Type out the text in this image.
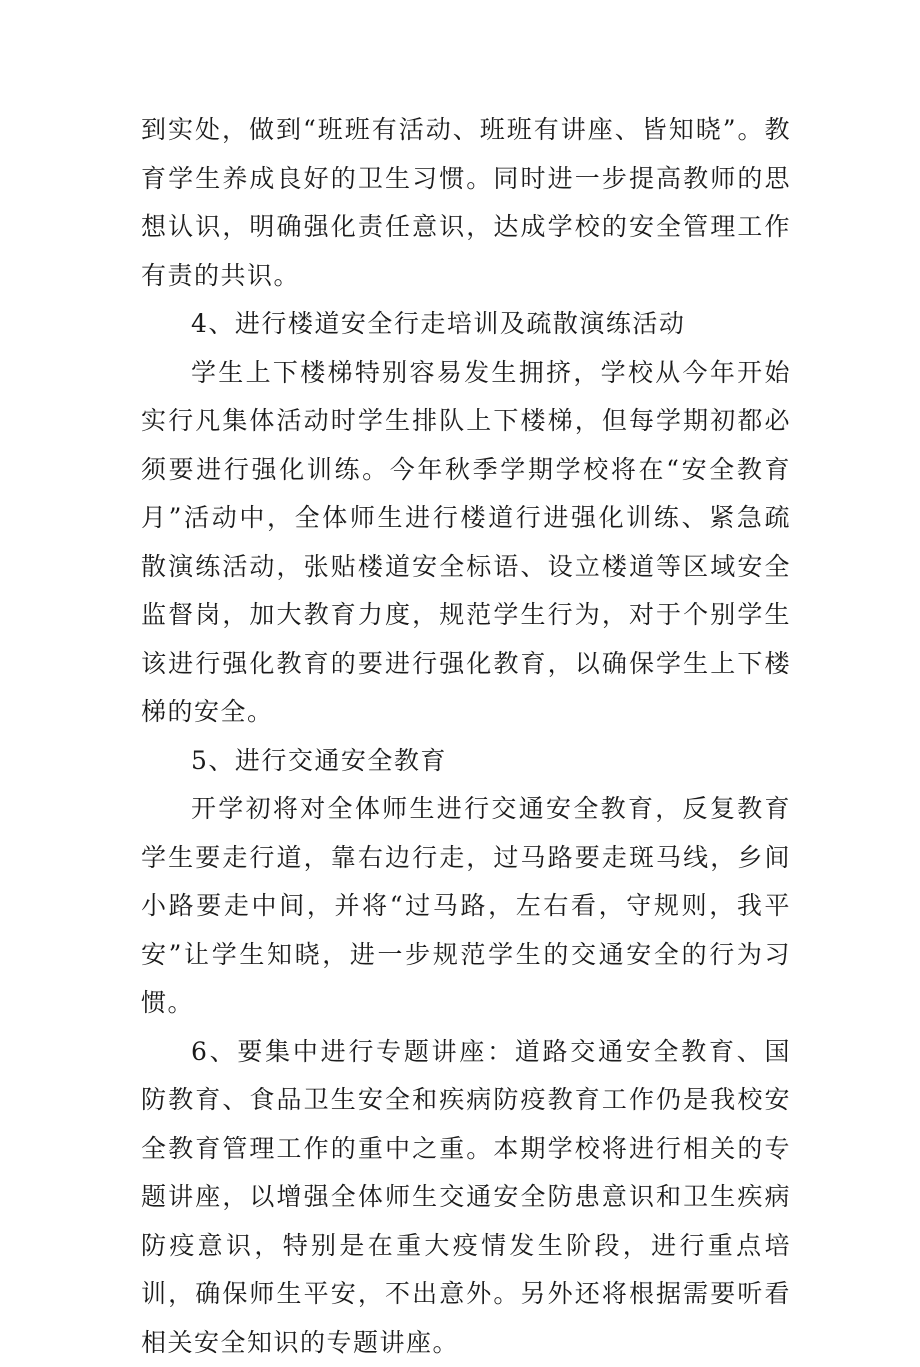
到实处，做到“班班有活动、班班有讲座、皆知晓”。教育学生养成良好的卫生习惯。同时进一步提高教师的思想认识，明确强化责任意识，达成学校的安全管理工作有责的共识。

4、进行楼道安全行走培训及疏散演练活动

学生上下楼梯特别容易发生拥挤，学校从今年开始实行凡集体活动时学生排队上下楼梯，但每学期初都必须要进行强化训练。今年秋季学期学校将在“安全教育月”活动中，全体师生进行楼道行进强化训练、紧急疏散演练活动，张贴楼道安全标语、设立楼道等区域安全监督岗，加大教育力度，规范学生行为，对于个别学生该进行强化教育的要进行强化教育，以确保学生上下楼梯的安全。

5、进行交通安全教育

开学初将对全体师生进行交通安全教育，反复教育学生要走行道，靠右边行走，过马路要走斑马线，乡间小路要走中间，并将“过马路，左右看，守规则，我平安”让学生知晓，进一步规范学生的交通安全的行为习惯。

6、要集中进行专题讲座：道路交通安全教育、国防教育、食品卫生安全和疾病防疫教育工作仍是我校安全教育管理工作的重中之重。本期学校将进行相关的专题讲座，以增强全体师生交通安全防患意识和卫生疾病防疫意识，特别是在重大疫情发生阶段，进行重点培训，确保师生平安，不出意外。另外还将根据需要听看相关安全知识的专题讲座。
